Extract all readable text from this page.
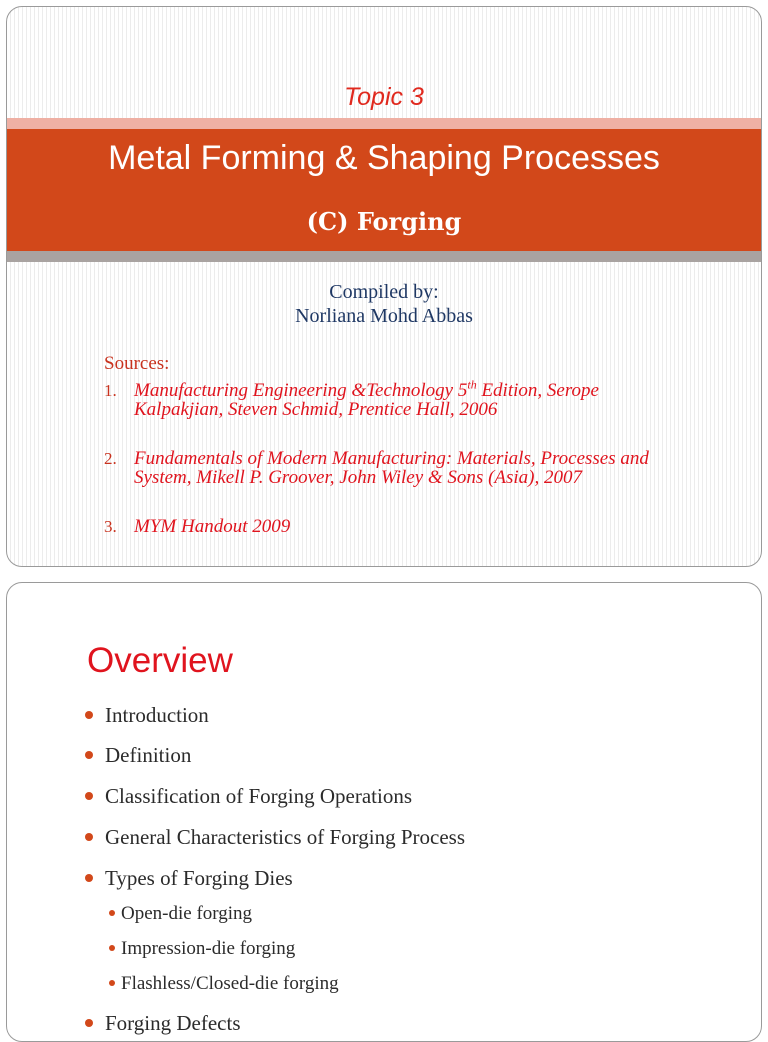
Topic 3
Metal Forming & Shaping Processes
(C) Forging
Compiled by:
Norliana Mohd Abbas
Sources:
1. Manufacturing Engineering &Technology 5th Edition, Serope
Kalpakjian, Steven Schmid, Prentice Hall, 2006
2. Fundamentals of Modern Manufacturing: Materials, Processes and
System, Mikell P. Groover, John Wiley & Sons (Asia), 2007
3. MYM Handout 2009
Overview
Introduction
Definition
Classification of Forging Operations
General Characteristics of Forging Process
Types of Forging Dies
Open-die forging
Impression-die forging
Flashless/Closed-die forging
Forging Defects
